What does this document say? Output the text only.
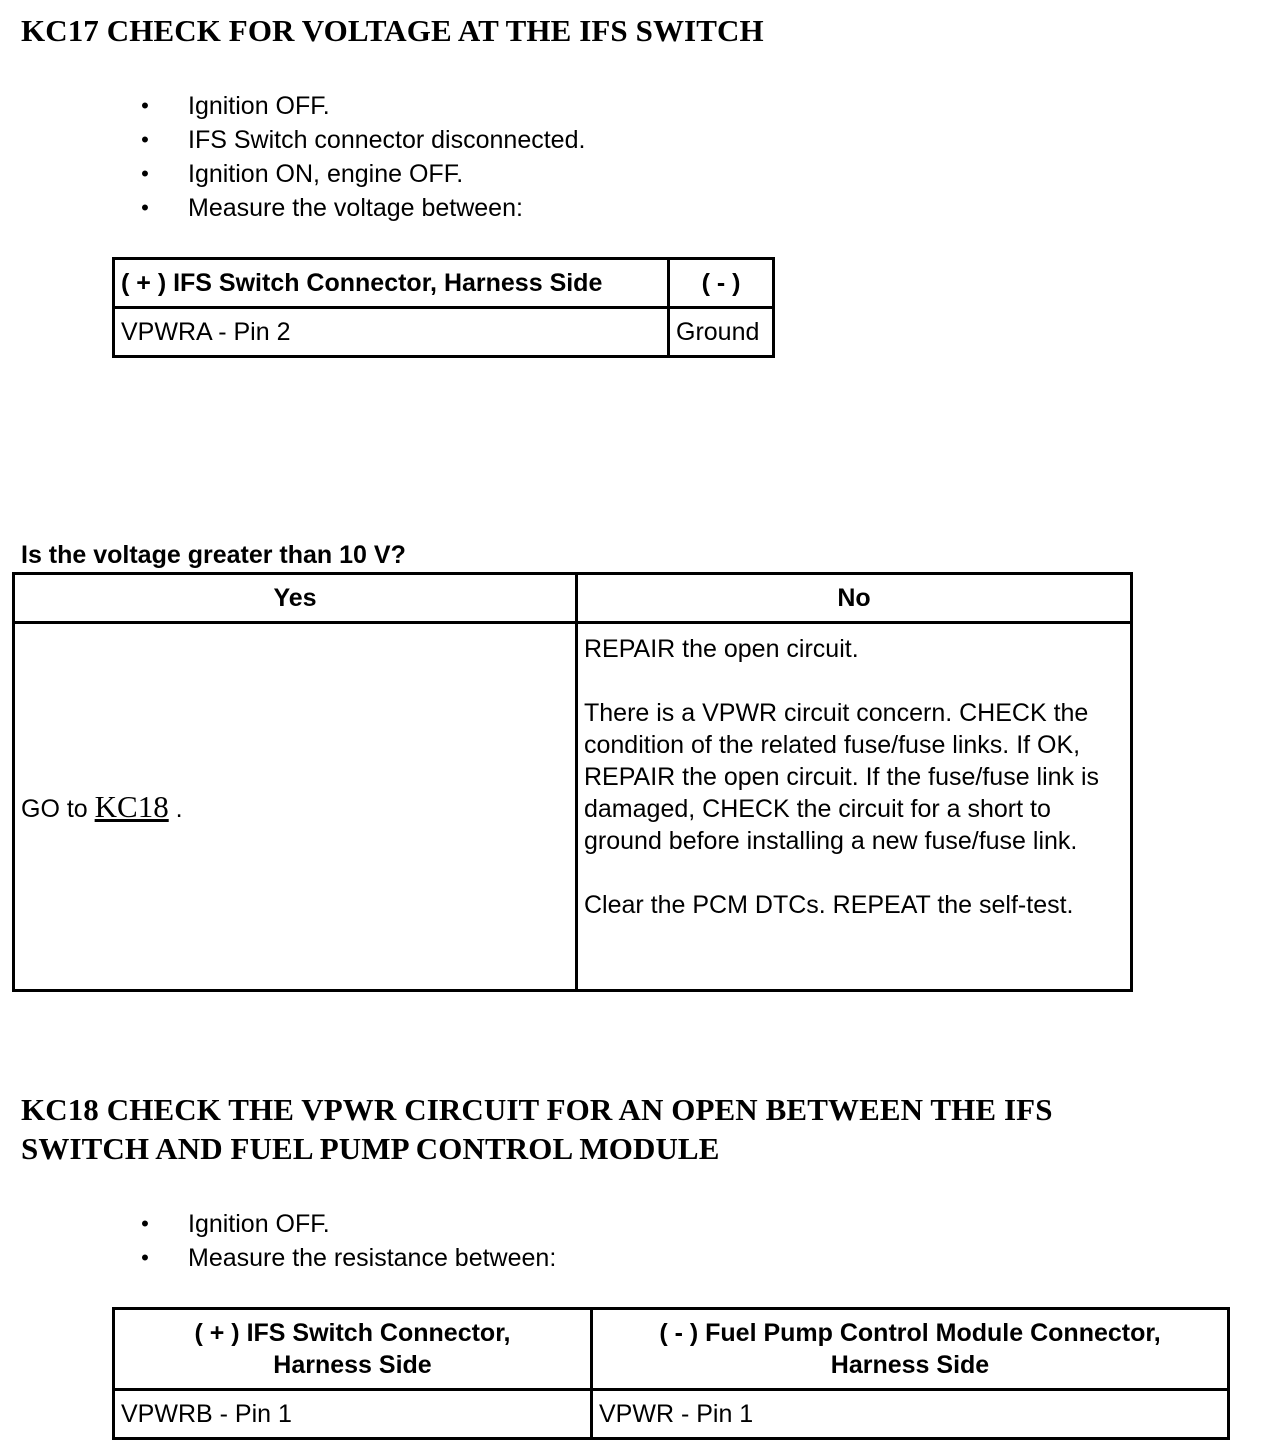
KC17 CHECK FOR VOLTAGE AT THE IFS SWITCH
• Ignition OFF.
• IFS Switch connector disconnected.
• Ignition ON, engine OFF.
• Measure the voltage between:
( + ) IFS Switch Connector, Harness Side	( - )
VPWRA - Pin 2	Ground

Is the voltage greater than 10 V?

Yes	No
GO to KC18 .	REPAIR the open circuit.

There is a VPWR circuit concern. CHECK the condition of the related fuse/fuse links. If OK, REPAIR the open circuit. If the fuse/fuse link is damaged, CHECK the circuit for a short to ground before installing a new fuse/fuse link.

Clear the PCM DTCs. REPEAT the self-test.

KC18 CHECK THE VPWR CIRCUIT FOR AN OPEN BETWEEN THE IFS
SWITCH AND FUEL PUMP CONTROL MODULE
• Ignition OFF.
• Measure the resistance between:
( + ) IFS Switch Connector,
Harness Side	( - ) Fuel Pump Control Module Connector,
Harness Side
VPWRB - Pin 1	VPWR - Pin 1
